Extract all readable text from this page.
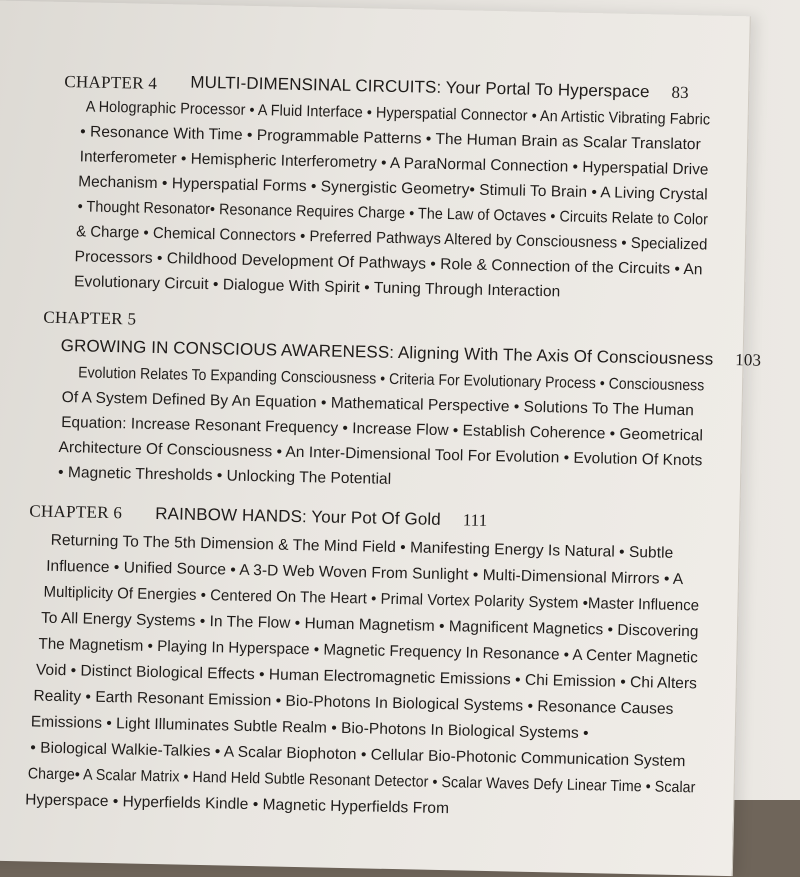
CHAPTER 4 MULTI-DIMENSINAL CIRCUITS: Your Portal To Hyperspace 83
A Holographic Processor • A Fluid Interface • Hyperspatial Connector • An Artistic Vibrating Fabric
• Resonance With Time • Programmable Patterns • The Human Brain as Scalar Translator
Interferometer • Hemispheric Interferometry • A ParaNormal Connection • Hyperspatial Drive
Mechanism • Hyperspatial Forms • Synergistic Geometry• Stimuli To Brain • A Living Crystal
• Thought Resonator• Resonance Requires Charge • The Law of Octaves • Circuits Relate to Color
& Charge • Chemical Connectors • Preferred Pathways Altered by Consciousness • Specialized
Processors • Childhood Development Of Pathways • Role & Connection of the Circuits • An
Evolutionary Circuit • Dialogue With Spirit • Tuning Through Interaction
CHAPTER 5
GROWING IN CONSCIOUS AWARENESS: Aligning With The Axis Of Consciousness 103
Evolution Relates To Expanding Consciousness • Criteria For Evolutionary Process • Consciousness
Of A System Defined By An Equation • Mathematical Perspective • Solutions To The Human
Equation: Increase Resonant Frequency • Increase Flow • Establish Coherence • Geometrical
Architecture Of Consciousness • An Inter-Dimensional Tool For Evolution • Evolution Of Knots
• Magnetic Thresholds • Unlocking The Potential
CHAPTER 6 RAINBOW HANDS: Your Pot Of Gold 111
Returning To The 5th Dimension & The Mind Field • Manifesting Energy Is Natural • Subtle
Influence • Unified Source • A 3-D Web Woven From Sunlight • Multi-Dimensional Mirrors • A
Multiplicity Of Energies • Centered On The Heart • Primal Vortex Polarity System •Master Influence
To All Energy Systems • In The Flow • Human Magnetism • Magnificent Magnetics • Discovering
The Magnetism • Playing In Hyperspace • Magnetic Frequency In Resonance • A Center Magnetic
Void • Distinct Biological Effects • Human Electromagnetic Emissions • Chi Emission • Chi Alters
Reality • Earth Resonant Emission • Bio-Photons In Biological Systems • Resonance Causes
Emissions • Light Illuminates Subtle Realm • Bio-Photons In Biological Systems •
• Biological Walkie-Talkies • A Scalar Biophoton • Cellular Bio-Photonic Communication System
Charge• A Scalar Matrix • Hand Held Subtle Resonant Detector • Scalar Waves Defy Linear Time • Scalar
Hyperspace • Hyperfields Kindle • Magnetic Hyperfields From
